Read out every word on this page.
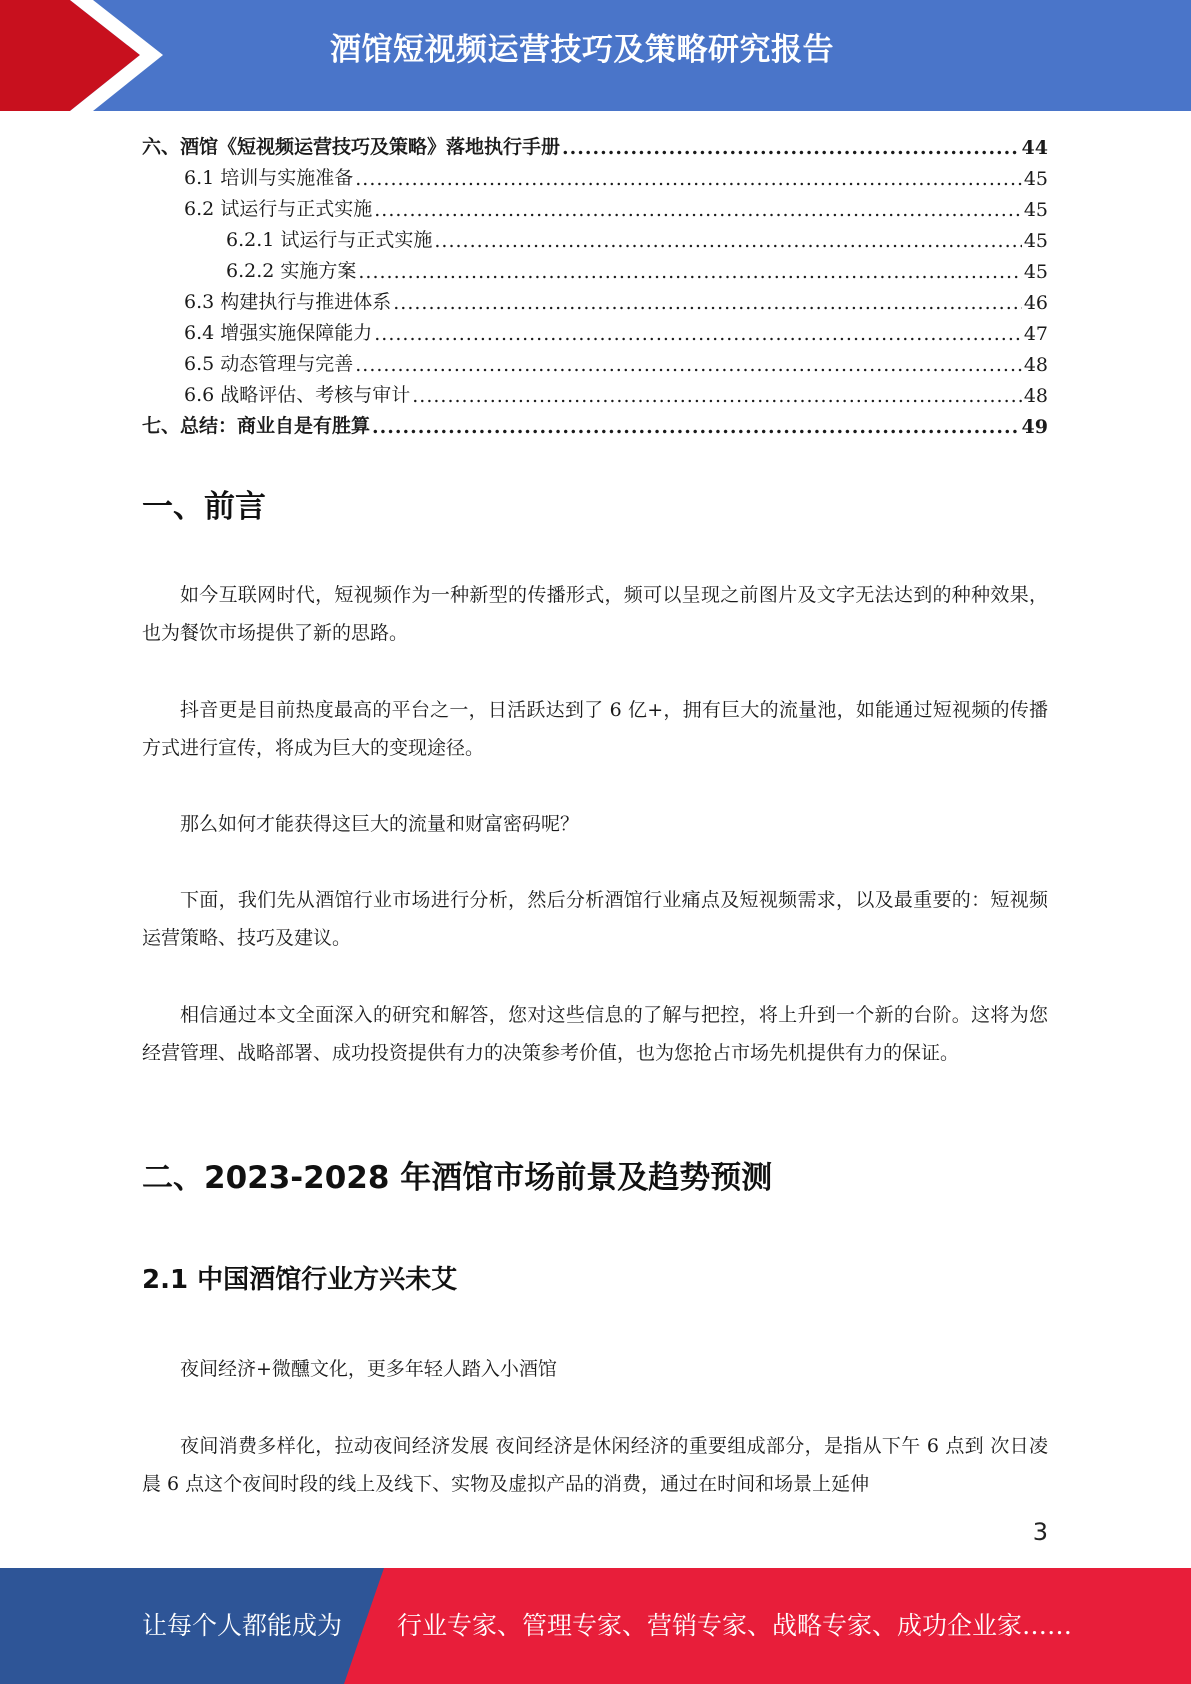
酒馆短视频运营技巧及策略研究报告
六、酒馆《短视频运营技巧及策略》落地执行手册 .....	44
6.1 培训与实施准备 .....	45
6.2 试运行与正式实施 .....	45
6.2.1 试运行与正式实施 .....	45
6.2.2 实施方案 .....	45
6.3 构建执行与推进体系 .....	46
6.4 增强实施保障能力 .....	47
6.5 动态管理与完善 .....	48
6.6 战略评估、考核与审计 .....	48
七、总结：商业自是有胜算 .....	49
一、前言

如今互联网时代，短视频作为一种新型的传播形式，频可以呈现之前图片及文字无法达到的种种效果，也为餐饮市场提供了新的思路。

抖音更是目前热度最高的平台之一，日活跃达到了 6 亿+，拥有巨大的流量池，如能通过短视频的传播方式进行宣传，将成为巨大的变现途径。

那么如何才能获得这巨大的流量和财富密码呢？

下面，我们先从酒馆行业市场进行分析，然后分析酒馆行业痛点及短视频需求，以及最重要的：短视频运营策略、技巧及建议。

相信通过本文全面深入的研究和解答，您对这些信息的了解与把控，将上升到一个新的台阶。这将为您经营管理、战略部署、成功投资提供有力的决策参考价值，也为您抢占市场先机提供有力的保证。

二、2023-2028 年酒馆市场前景及趋势预测
2.1 中国酒馆行业方兴未艾

夜间经济+微醺文化，更多年轻人踏入小酒馆

夜间消费多样化，拉动夜间经济发展 夜间经济是休闲经济的重要组成部分，是指从下午 6 点到 次日凌晨 6 点这个夜间时段的线上及线下、实物及虚拟产品的消费，通过在时间和场景上延伸

3
让每个人都能成为 行业专家、管理专家、营销专家、战略专家、成功企业家……
